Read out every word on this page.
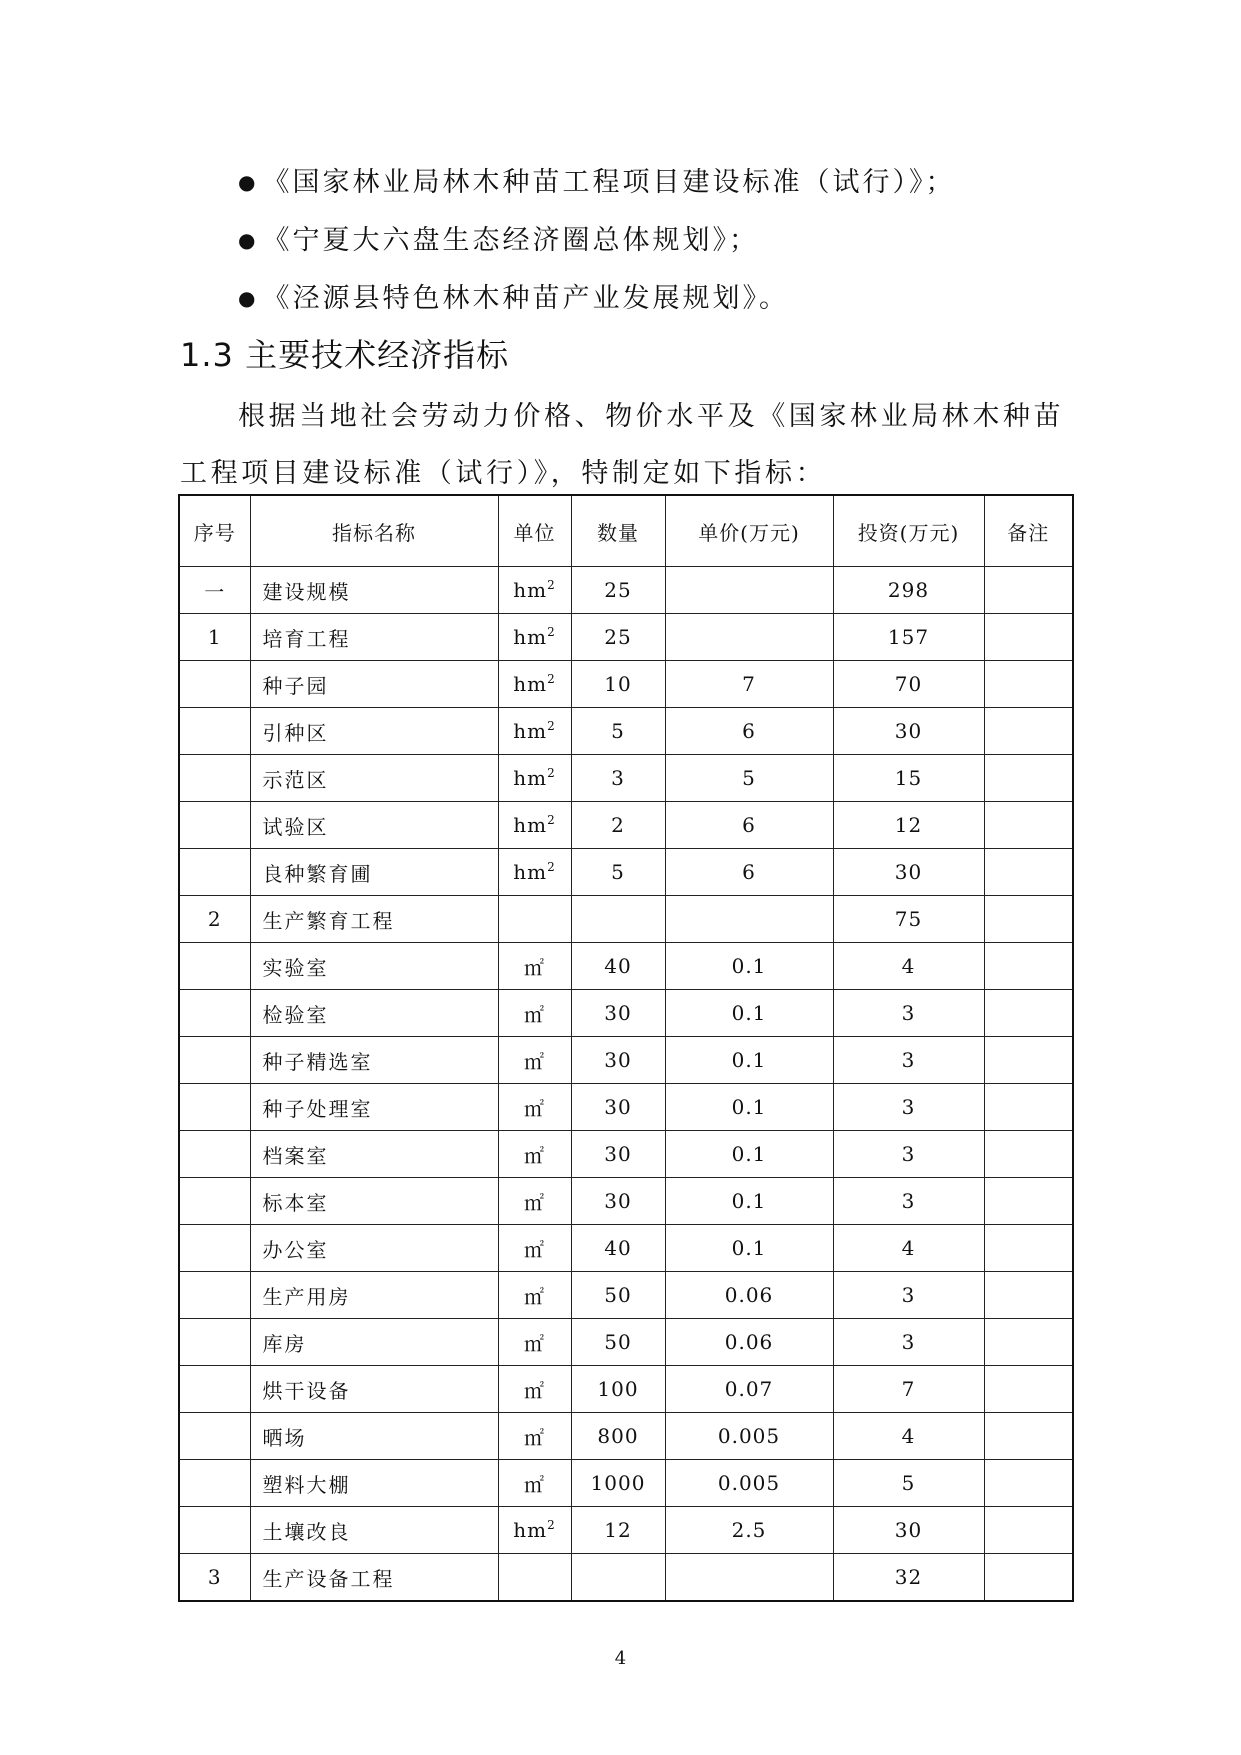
● 《国家林业局林木种苗工程项目建设标准（试行）》；
● 《宁夏大六盘生态经济圈总体规划》；
● 《泾源县特色林木种苗产业发展规划》。
1.3 主要技术经济指标
根据当地社会劳动力价格、物价水平及《国家林业局林木种苗工程项目建设标准（试行）》，特制定如下指标：
序号	指标名称	单位	数量	单价(万元)	投资(万元)	备注
一	建设规模	$hm^2$	25		298	
1	培育工程	$hm^2$	25		157	
	种子园	$hm^2$	10	7	70	
	引种区	$hm^2$	5	6	30	
	示范区	$hm^2$	3	5	15	
	试验区	$hm^2$	2	6	12	
	良种繁育圃	$hm^2$	5	6	30	
2	生产繁育工程				75	
	实验室	㎡	40	0.1	4	
	检验室	㎡	30	0.1	3	
	种子精选室	㎡	30	0.1	3	
	种子处理室	㎡	30	0.1	3	
	档案室	㎡	30	0.1	3	
	标本室	㎡	30	0.1	3	
	办公室	㎡	40	0.1	4	
	生产用房	㎡	50	0.06	3	
	库房	㎡	50	0.06	3	
	烘干设备	㎡	100	0.07	7	
	晒场	㎡	800	0.005	4	
	塑料大棚	㎡	1000	0.005	5	
	土壤改良	$hm^2$	12	2.5	30	
3	生产设备工程				32	
4
